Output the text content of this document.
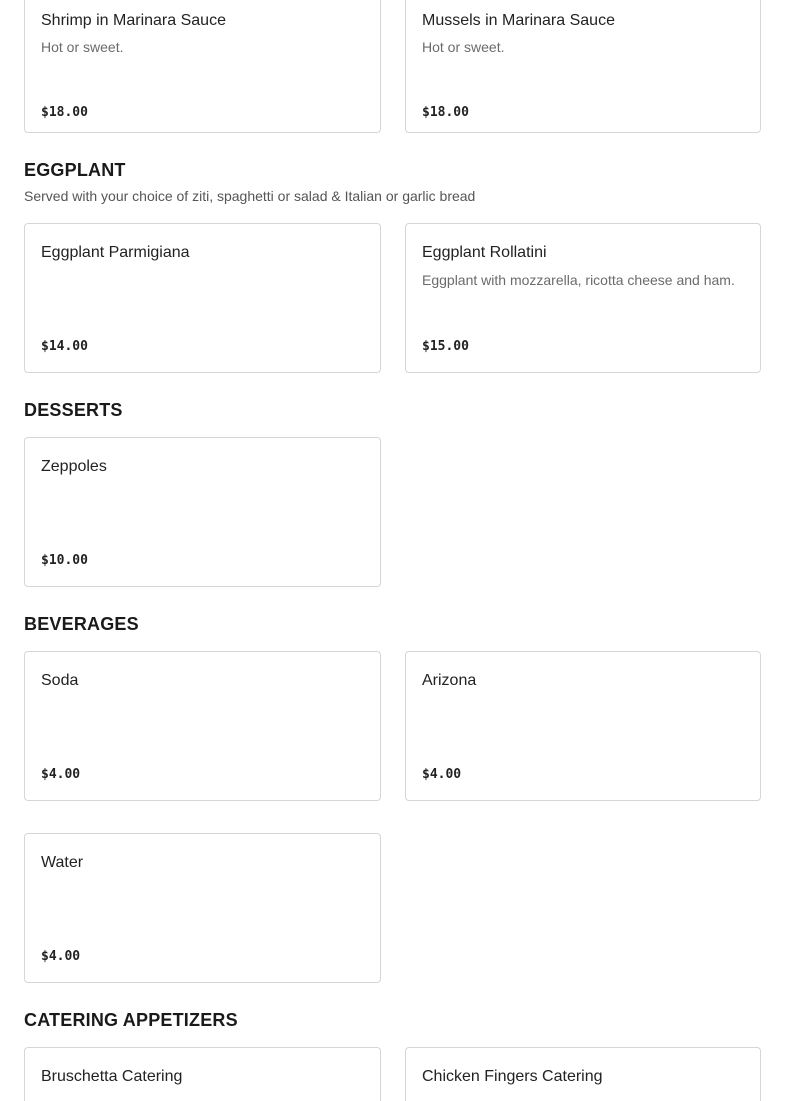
Shrimp in Marinara Sauce
Hot or sweet.
$18.00
Mussels in Marinara Sauce
Hot or sweet.
$18.00
EGGPLANT
Served with your choice of ziti, spaghetti or salad & Italian or garlic bread
Eggplant Parmigiana
$14.00
Eggplant Rollatini
Eggplant with mozzarella, ricotta cheese and ham.
$15.00
DESSERTS
Zeppoles
$10.00
BEVERAGES
Soda
$4.00
Arizona
$4.00
Water
$4.00
CATERING APPETIZERS
Bruschetta Catering	Chicken Fingers Catering
